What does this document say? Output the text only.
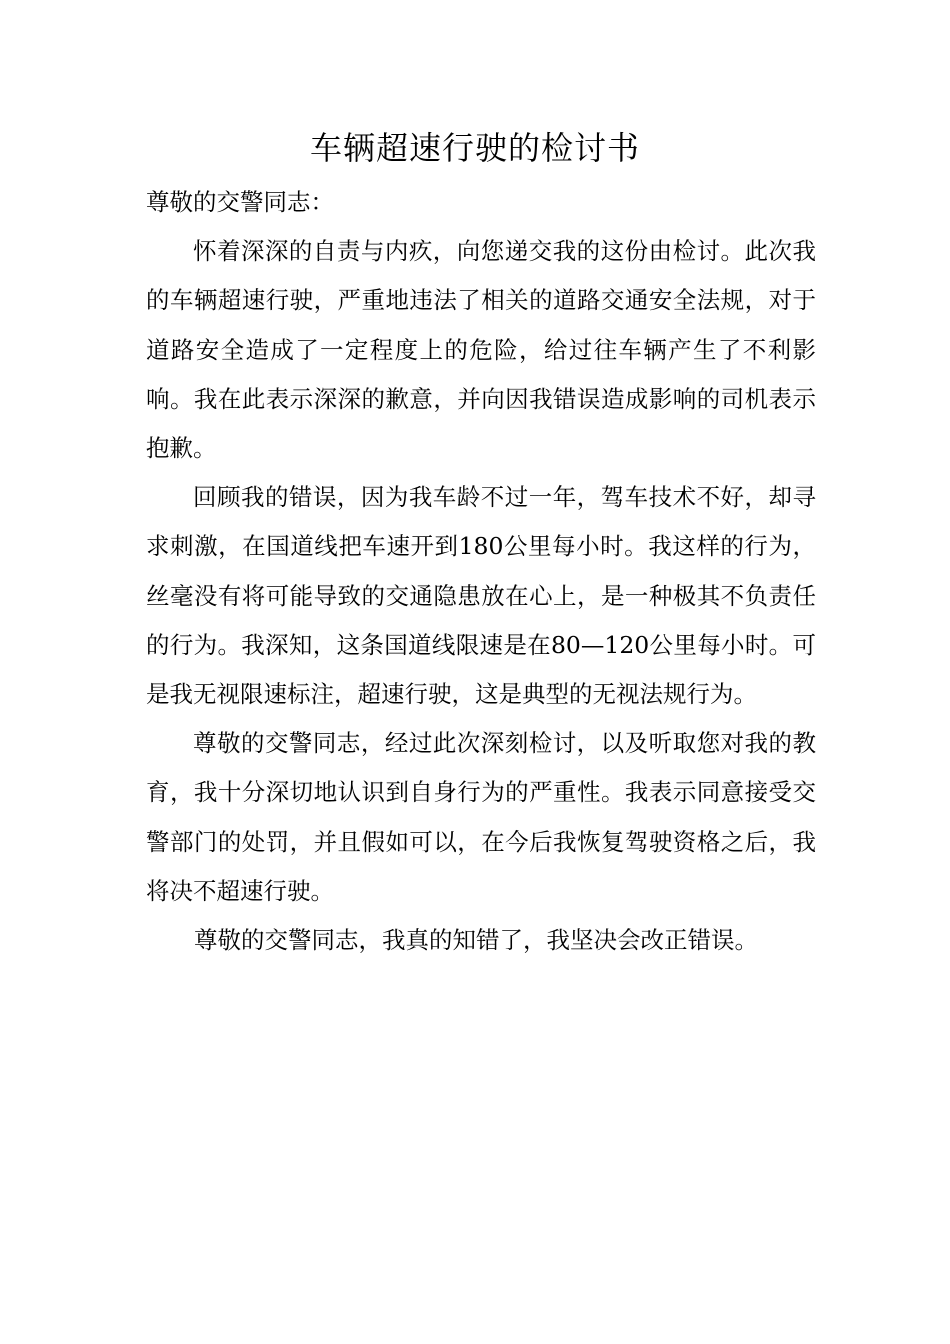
车辆超速行驶的检讨书

尊敬的交警同志：

怀着深深的自责与内疚，向您递交我的这份由检讨。此次我的车辆超速行驶，严重地违法了相关的道路交通安全法规，对于道路安全造成了一定程度上的危险，给过往车辆产生了不利影响。我在此表示深深的歉意，并向因我错误造成影响的司机表示抱歉。

回顾我的错误，因为我车龄不过一年，驾车技术不好，却寻求刺激，在国道线把车速开到180公里每小时。我这样的行为，丝毫没有将可能导致的交通隐患放在心上，是一种极其不负责任的行为。我深知，这条国道线限速是在80—120公里每小时。可是我无视限速标注，超速行驶，这是典型的无视法规行为。

尊敬的交警同志，经过此次深刻检讨，以及听取您对我的教育，我十分深切地认识到自身行为的严重性。我表示同意接受交警部门的处罚，并且假如可以，在今后我恢复驾驶资格之后，我将决不超速行驶。

尊敬的交警同志，我真的知错了，我坚决会改正错误。
